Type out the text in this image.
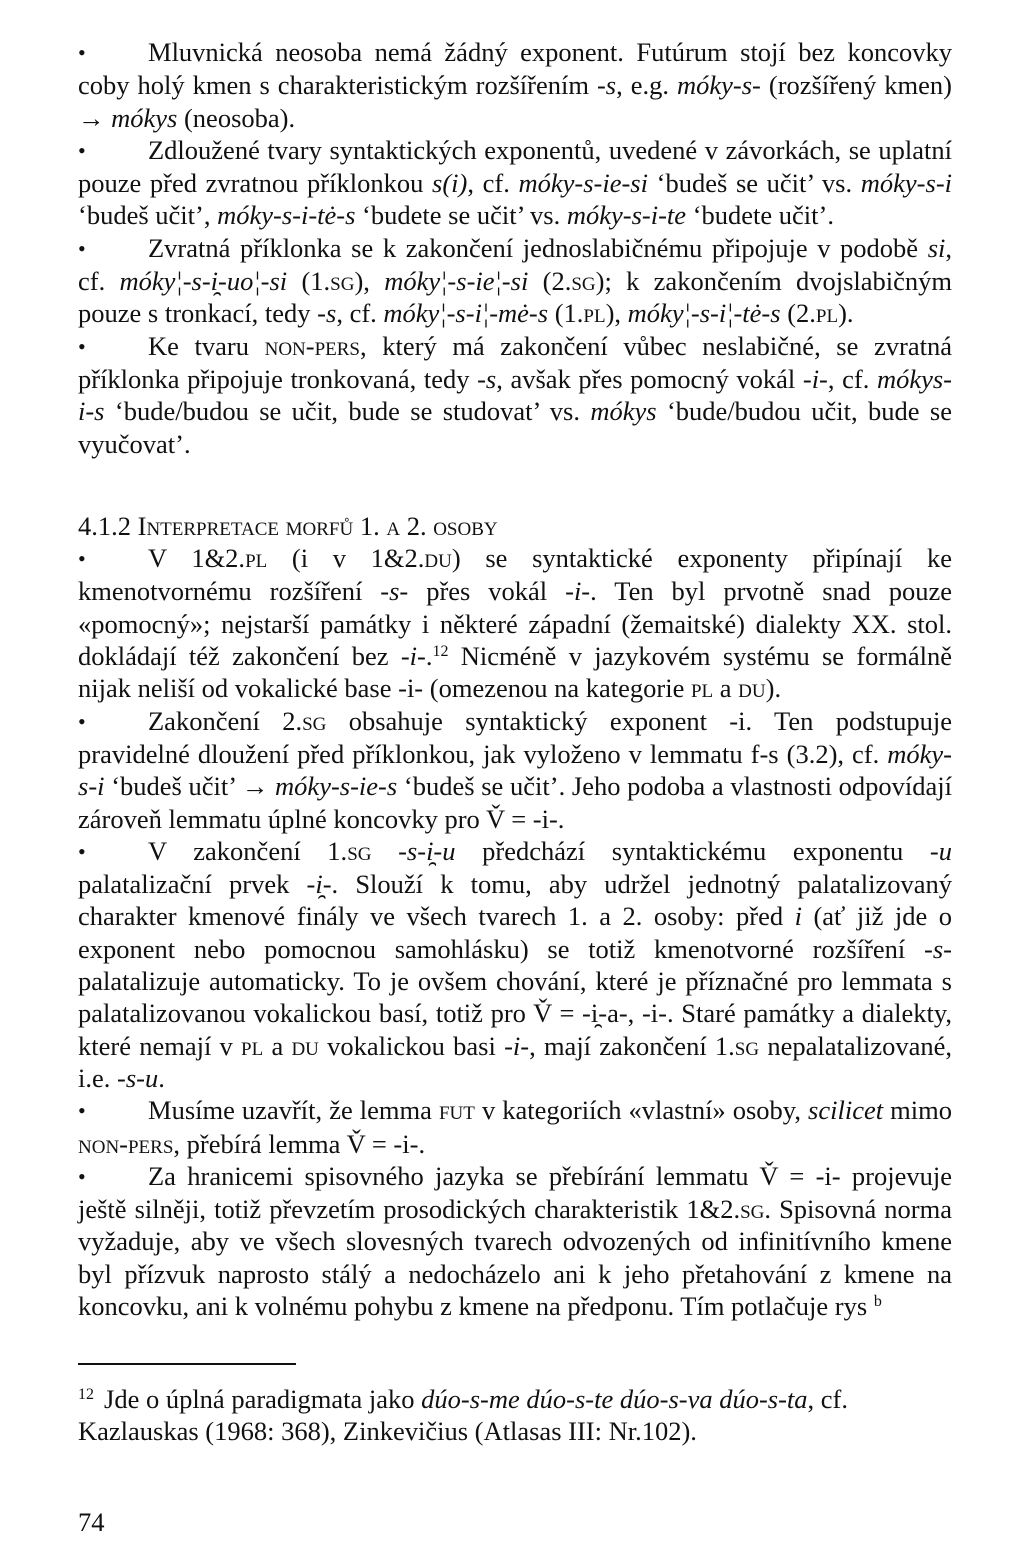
• Mluvnická neosoba nemá žádný exponent. Futúrum stojí bez koncovky coby holý kmen s charakteristickým rozšířením -s, e.g. móky-s- (rozšířený kmen) → mókys (neosoba).

• Zdloužené tvary syntaktických exponentů, uvedené v závorkách, se uplatní pouze před zvratnou příklonkou s(i), cf. móky-s-ie-si ‘budeš se učit’ vs. móky-s-i ‘budeš učit’, móky-s-i-tė-s ‘budete se učit’ vs. móky-s-i-te ‘budete učit’.

• Zvratná příklonka se k zakončení jednoslabičnému připojuje v podobě si, cf. móky¦-s-i̯-uo¦-si (1.sg), móky¦-s-ie¦-si (2.sg); k zakončením dvojslabičným pouze s tronkací, tedy -s, cf. móky¦-s-i¦-mė-s (1.pl), móky¦-s-i¦-tė-s (2.pl).

• Ke tvaru non-pers, který má zakončení vůbec neslabičné, se zvratná příklonka připojuje tronkovaná, tedy -s, avšak přes pomocný vokál -i-, cf. mókys-i-s ‘bude/budou se učit, bude se studovat’ vs. mókys ‘bude/budou učit, bude se vyučovat’.

4.1.2 Interpretace morfů 1. a 2. osoby

• V 1&2.pl (i v 1&2.du) se syntaktické exponenty připínají ke kmenotvornému rozšíření -s- přes vokál -i-. Ten byl prvotně snad pouze «pomocný»; nejstarší památky i některé západní (žemaitské) dialekty XX. stol. dokládají též zakončení bez -i-.$^{12}$ Nicméně v jazykovém systému se formálně nijak neliší od vokalické base -i- (omezenou na kategorie pl a du).

• Zakončení 2.sg obsahuje syntaktický exponent -i. Ten podstupuje pravidelné dloužení před příklonkou, jak vyloženo v lemmatu f-s (3.2), cf. móky-s-i ‘budeš učit’ → móky-s-ie-s ‘budeš se učit’. Jeho podoba a vlastnosti odpovídají zároveň lemmatu úplné koncovky pro V̌ = -i-.

• V zakončení 1.sg -s-i̯-u předchází syntaktickému exponentu -u palatalizační prvek -i̯-. Slouží k tomu, aby udržel jednotný palatalizovaný charakter kmenové finály ve všech tvarech 1. a 2. osoby: před i (ať již jde o exponent nebo pomocnou samohlásku) se totiž kmenotvorné rozšíření -s- palatalizuje automaticky. To je ovšem chování, které je příznačné pro lemmata s palatalizovanou vokalickou basí, totiž pro V̌ = -i̯-a-, -i-. Staré památky a dialekty, které nemají v pl a du vokalickou basi -i-, mají zakončení 1.sg nepalatalizované, i.e. -s-u.

• Musíme uzavřít, že lemma fut v kategoriích «vlastní» osoby, scilicet mimo non-pers, přebírá lemma V̌ = -i-.

• Za hranicemi spisovného jazyka se přebírání lemmatu V̌ = -i- projevuje ještě silněji, totiž převzetím prosodických charakteristik 1&2.sg. Spisovná norma vyžaduje, aby ve všech slovesných tvarech odvozených od infinitívního kmene byl přízvuk naprosto stálý a nedocházelo ani k jeho přetahování z kmene na koncovku, ani k volnému pohybu z kmene na předponu. Tím potlačuje rys $^b$

12 Jde o úplná paradigmata jako dúo-s-me dúo-s-te dúo-s-va dúo-s-ta, cf. Kazlauskas (1968: 368), Zinkevičius (Atlasas III: Nr.102).
74
